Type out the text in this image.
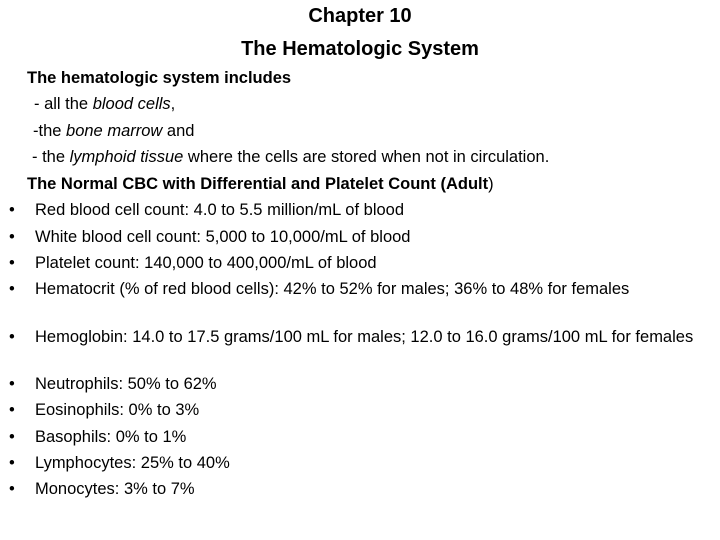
Chapter 10
The Hematologic System
The hematologic system includes
- all the blood cells,
-the bone marrow and
- the lymphoid tissue where the cells are stored when not in circulation.
The Normal CBC with Differential and Platelet Count (Adult)
• Red blood cell count: 4.0 to 5.5 million/mL of blood
• White blood cell count: 5,000 to 10,000/mL of blood
• Platelet count: 140,000 to 400,000/mL of blood
• Hematocrit (% of red blood cells): 42% to 52% for males; 36% to 48% for females
• Hemoglobin: 14.0 to 17.5 grams/100 mL for males; 12.0 to 16.0 grams/100 mL for females
• Neutrophils: 50% to 62%
• Eosinophils: 0% to 3%
• Basophils: 0% to 1%
• Lymphocytes: 25% to 40%
• Monocytes: 3% to 7%
